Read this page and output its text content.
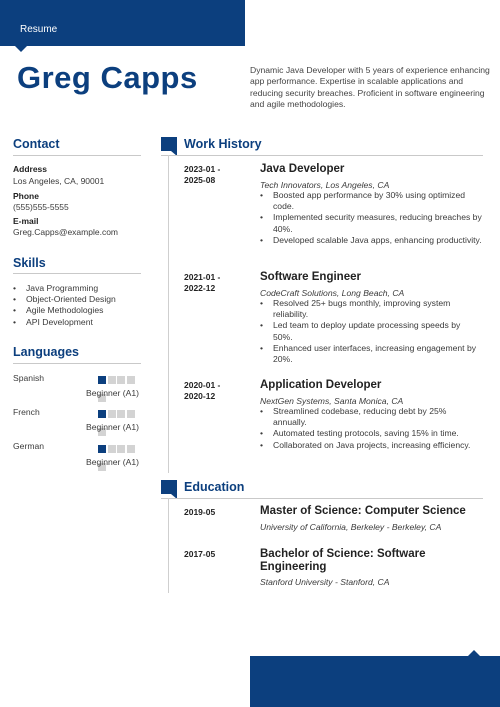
Resume
Greg Capps	Dynamic Java Developer with 5 years of experience enhancing app performance. Expertise in scalable applications and reducing security breaches. Proficient in software engineering and agile methodologies.
Contact
Address
Los Angeles, CA, 90001
Phone
(555)555-5555
E-mail
Greg.Capps@example.com
Skills
• Java Programming
• Object-Oriented Design
• Agile Methodologies
• API Development
Languages
Spanish
Beginner (A1)
French
Beginner (A1)
German
Beginner (A1)
Work History
2023-01 -
2025-08
Java Developer
Tech Innovators, Los Angeles, CA
• Boosted app performance by 30% using optimized code.
• Implemented security measures, reducing breaches by 40%.
• Developed scalable Java apps, enhancing productivity.
2021-01 -
2022-12
Software Engineer
CodeCraft Solutions, Long Beach, CA
• Resolved 25+ bugs monthly, improving system reliability.
• Led team to deploy update processing speeds by 50%.
• Enhanced user interfaces, increasing engagement by 20%.
2020-01 -
2020-12
Application Developer
NextGen Systems, Santa Monica, CA
• Streamlined codebase, reducing debt by 25% annually.
• Automated testing protocols, saving 15% in time.
• Collaborated on Java projects, increasing efficiency.
Education
2019-05	Master of Science: Computer Science
University of California, Berkeley - Berkeley, CA
2017-05	Bachelor of Science: Software Engineering
Stanford University - Stanford, CA
